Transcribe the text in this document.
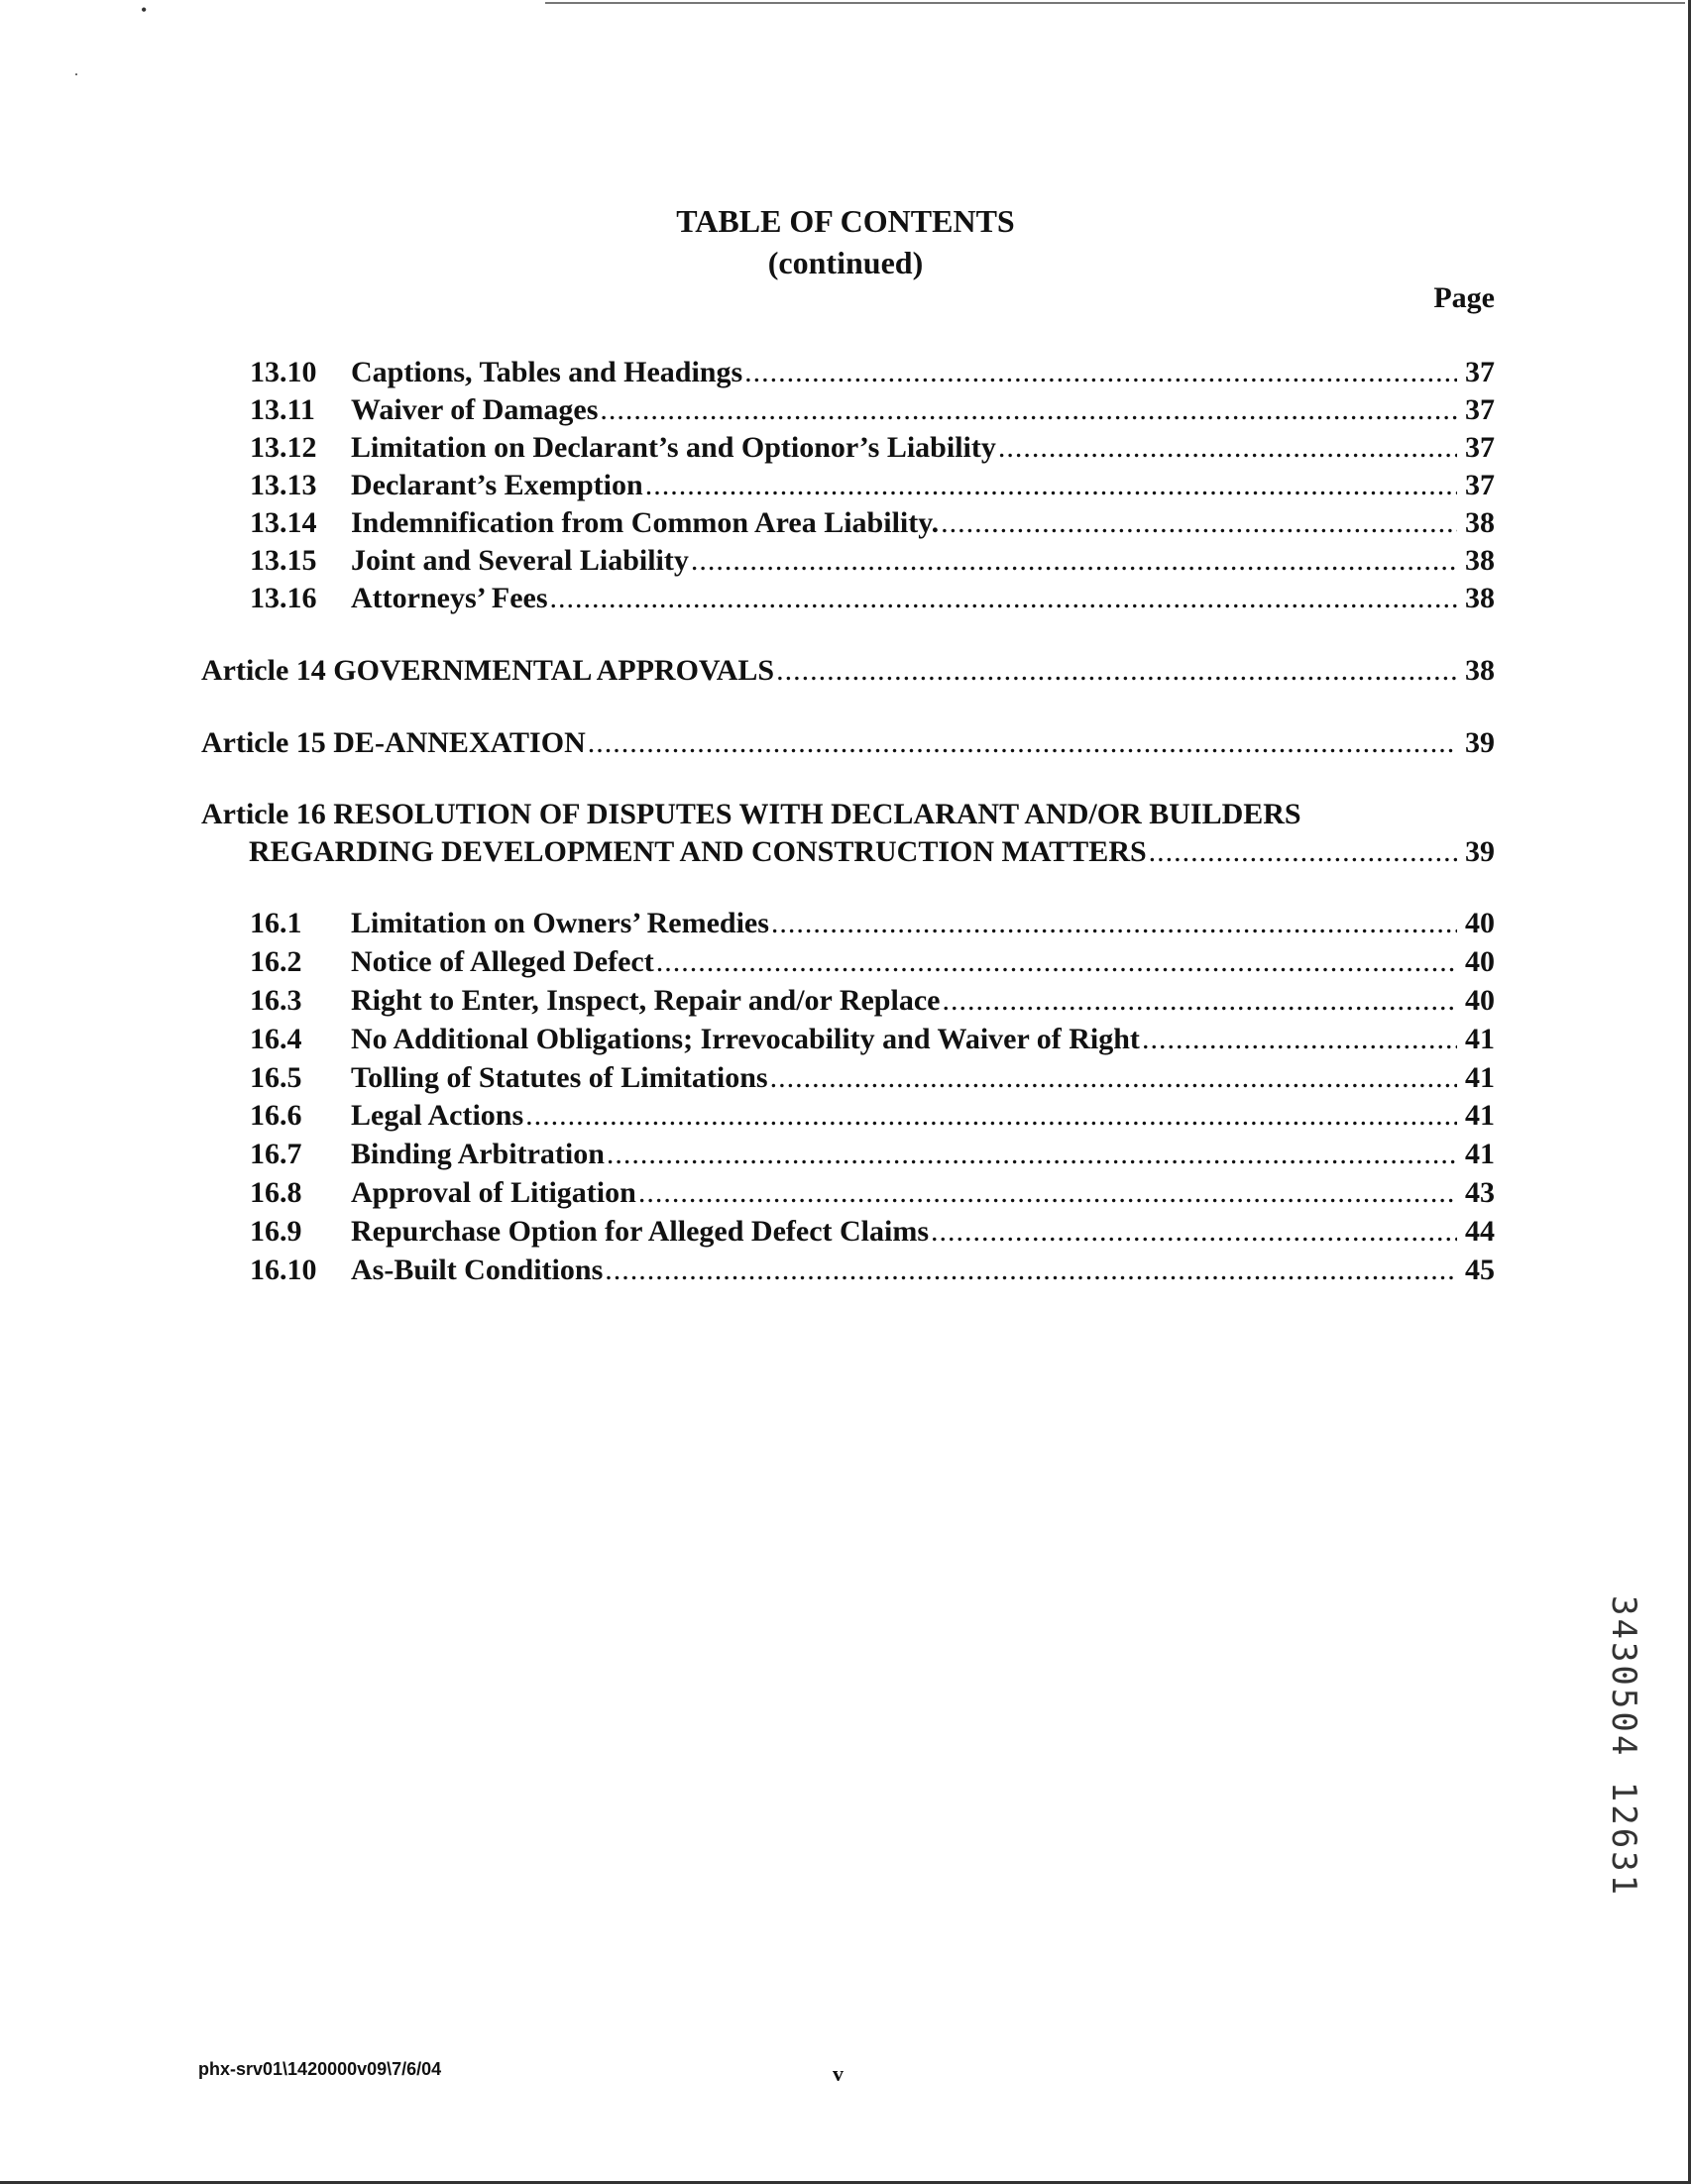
•
˙
TABLE OF CONTENTS
(continued)
Page
13.10	Captions, Tables and Headings .....	37
13.11	Waiver of Damages .....	37
13.12	Limitation on Declarant’s and Optionor’s Liability .....	37
13.13	Declarant’s Exemption .....	37
13.14	Indemnification from Common Area Liability. .....	38
13.15	Joint and Several Liability .....	38
13.16	Attorneys’ Fees .....	38
Article 14 GOVERNMENTAL APPROVALS .....	38
Article 15 DE-ANNEXATION .....	39
Article 16 RESOLUTION OF DISPUTES WITH DECLARANT AND/OR BUILDERS
REGARDING DEVELOPMENT AND CONSTRUCTION MATTERS .....	39
16.1	Limitation on Owners’ Remedies .....	40
16.2	Notice of Alleged Defect .....	40
16.3	Right to Enter, Inspect, Repair and/or Replace .....	40
16.4	No Additional Obligations; Irrevocability and Waiver of Right .....	41
16.5	Tolling of Statutes of Limitations .....	41
16.6	Legal Actions .....	41
16.7	Binding Arbitration .....	41
16.8	Approval of Litigation .....	43
16.9	Repurchase Option for Alleged Defect Claims .....	44
16.10	As-Built Conditions .....	45
phx-srv01\1420000v09\7/6/04	v
3430504 12631
